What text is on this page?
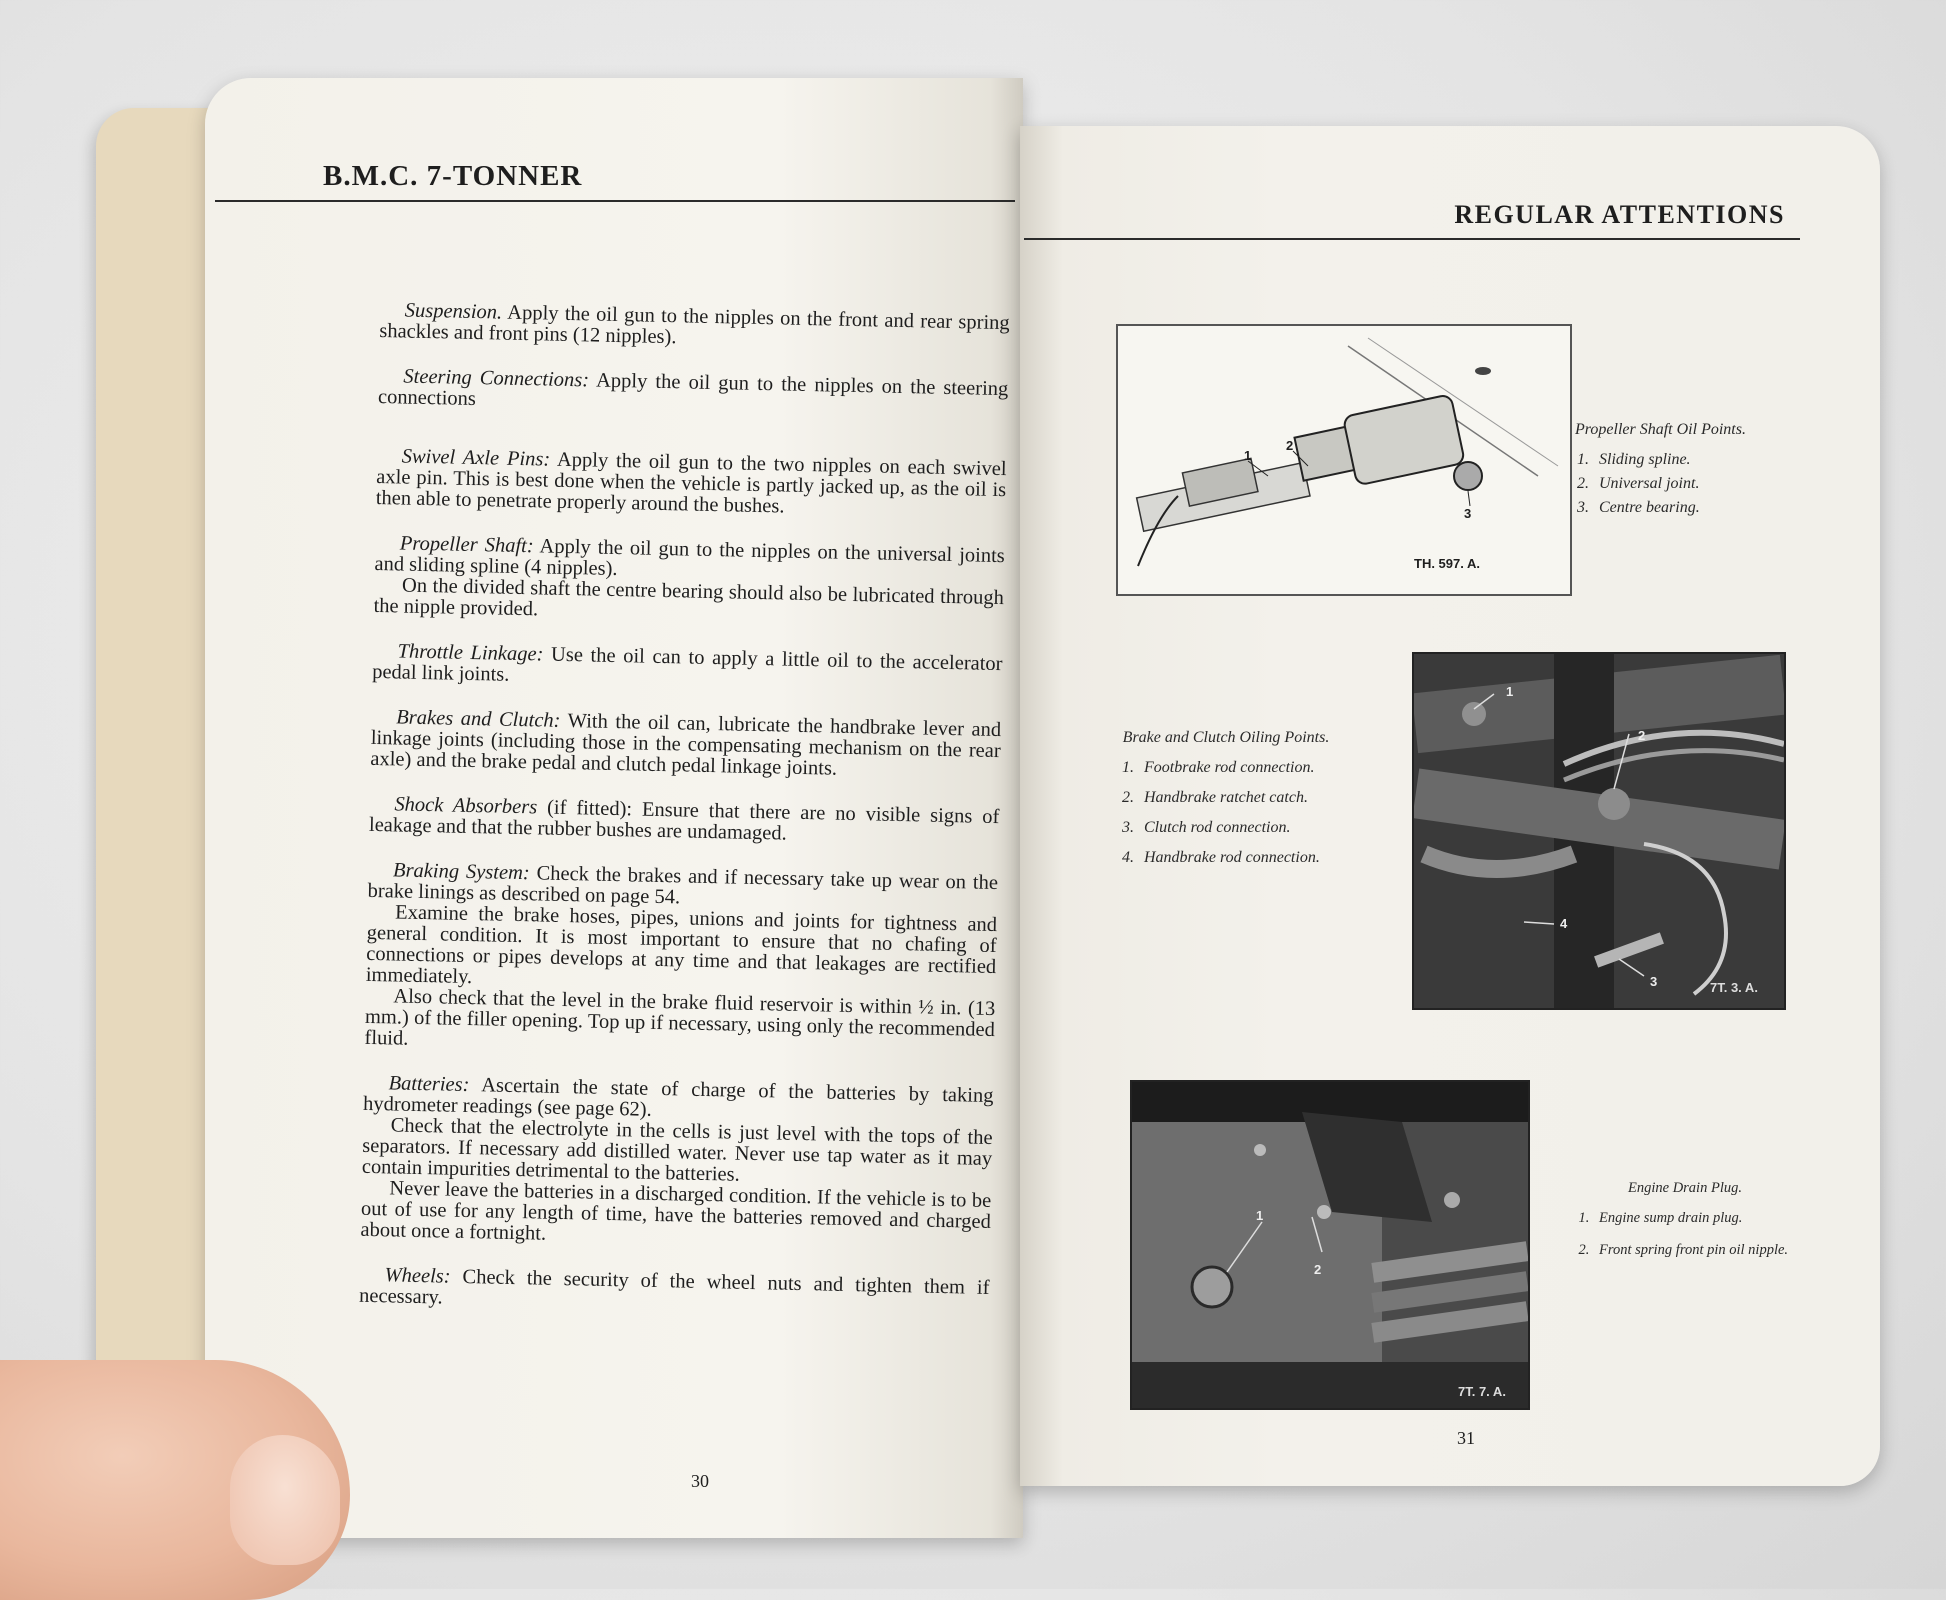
B.M.C. 7-TONNER

Suspension. Apply the oil gun to the nipples on the front and rear spring shackles and front pins (12 nipples).

Steering Connections: Apply the oil gun to the nipples on the steering connections

Swivel Axle Pins: Apply the oil gun to the two nipples on each swivel axle pin. This is best done when the vehicle is partly jacked up, as the oil is then able to penetrate properly around the bushes.

Propeller Shaft: Apply the oil gun to the nipples on the universal joints and sliding spline (4 nipples).
On the divided shaft the centre bearing should also be lubricated through the nipple provided.

Throttle Linkage: Use the oil can to apply a little oil to the accelerator pedal link joints.

Brakes and Clutch: With the oil can, lubricate the handbrake lever and linkage joints (including those in the compensating mechanism on the rear axle) and the brake pedal and clutch pedal linkage joints.

Shock Absorbers (if fitted): Ensure that there are no visible signs of leakage and that the rubber bushes are undamaged.

Braking System: Check the brakes and if necessary take up wear on the brake linings as described on page 54.
Examine the brake hoses, pipes, unions and joints for tightness and general condition. It is most important to ensure that no chafing of connections or pipes develops at any time and that leakages are rectified immediately.
Also check that the level in the brake fluid reservoir is within ½ in. (13 mm.) of the filler opening. Top up if necessary, using only the recommended fluid.

Batteries: Ascertain the state of charge of the batteries by taking hydrometer readings (see page 62).
Check that the electrolyte in the cells is just level with the tops of the separators. If necessary add distilled water. Never use tap water as it may contain impurities detrimental to the batteries.
Never leave the batteries in a discharged condition. If the vehicle is to be out of use for any length of time, have the batteries removed and charged about once a fortnight.

Wheels: Check the security of the wheel nuts and tighten them if necessary.

30
REGULAR ATTENTIONS
1
2
3
TH. 597. A.
Propeller Shaft Oil Points.
1. Sliding spline.
2. Universal joint.
3. Centre bearing.
Brake and Clutch Oiling Points.
1. Footbrake rod connection.
2. Handbrake ratchet catch.
3. Clutch rod connection.
4. Handbrake rod connection.
1
2
3
4
7T. 3. A.
1
2
7T. 7. A.
Engine Drain Plug.
1. Engine sump drain plug.
2. Front spring front pin oil nipple.
31
